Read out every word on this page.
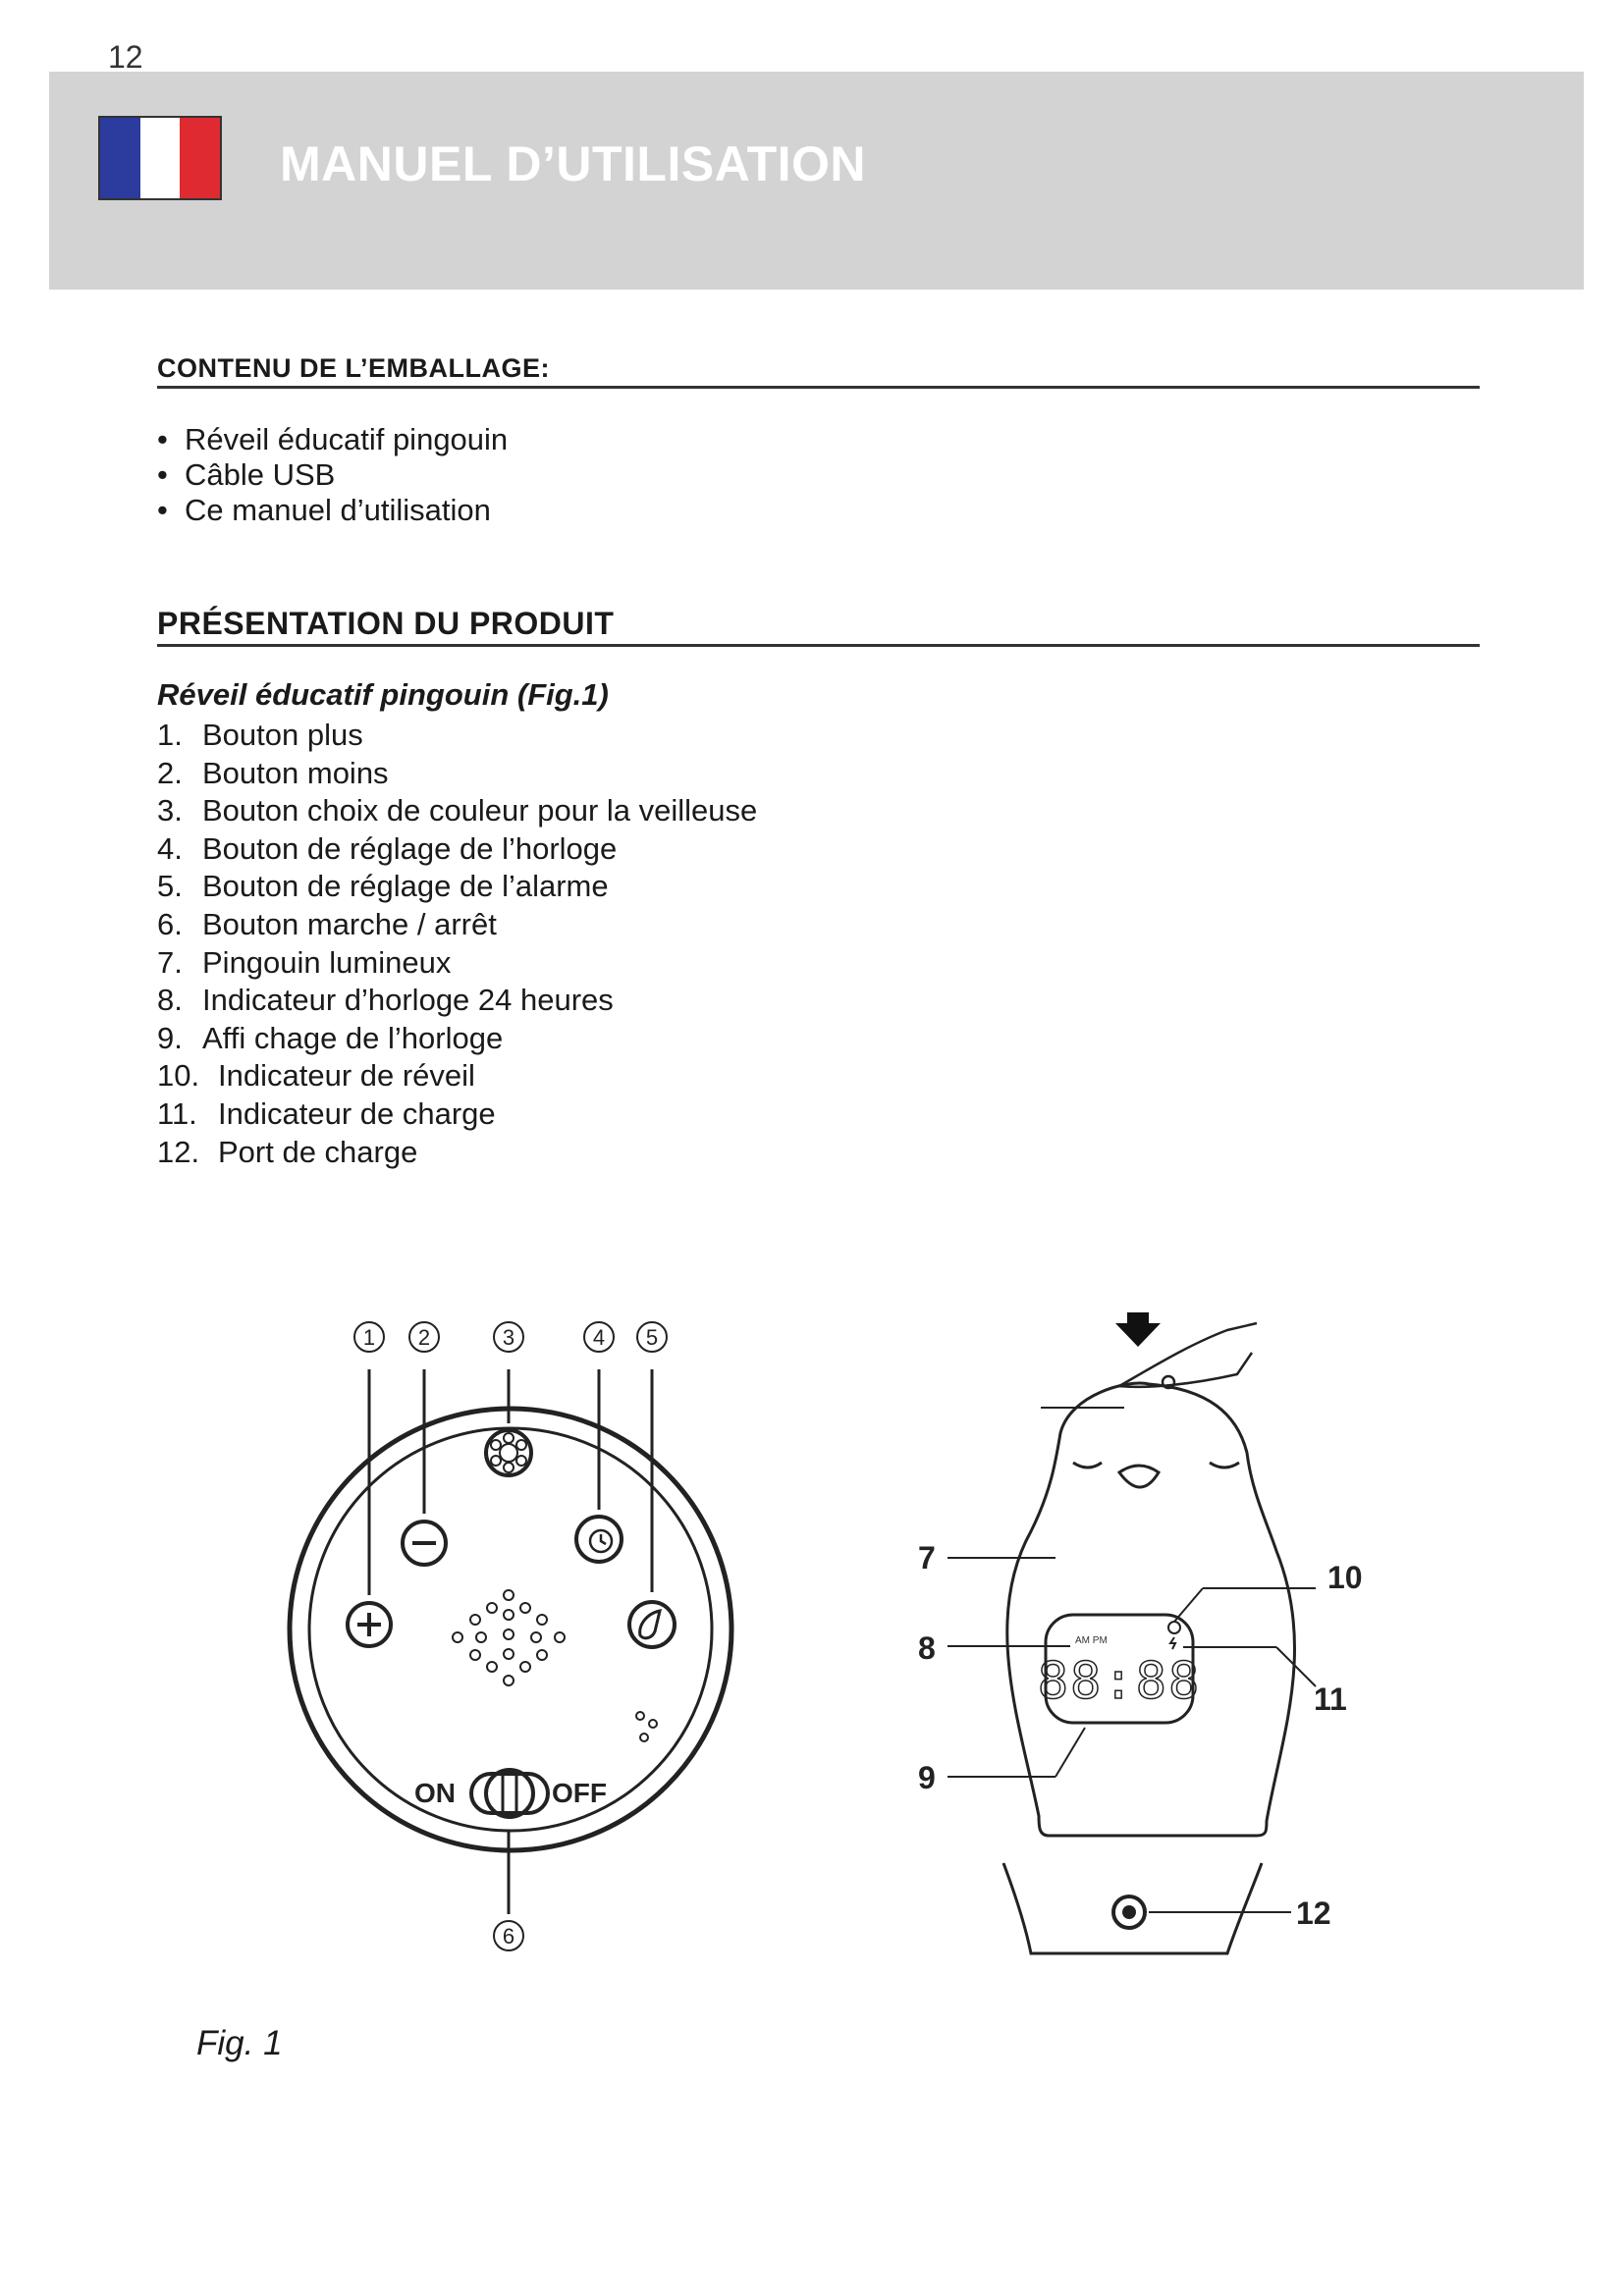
12
MANUEL D’UTILISATION
CONTENU DE L’EMBALLAGE:
• Réveil éducatif pingouin
• Câble USB
• Ce manuel d’utilisation
PRÉSENTATION DU PRODUIT
Réveil éducatif pingouin (Fig.1)
1. Bouton plus
2. Bouton moins
3. Bouton choix de couleur pour la veilleuse
4. Bouton de réglage de l’horloge
5. Bouton de réglage de l’alarme
6. Bouton marche / arrêt
7. Pingouin lumineux
8. Indicateur d’horloge 24 heures
9. Affi chage de l’horloge
10. Indicateur de réveil
11. Indicateur de charge
12. Port de charge
1 2	3	4 5
6
ON	OFF
AM PM
88:88
7
8
9
10
11
12
Fig. 1
